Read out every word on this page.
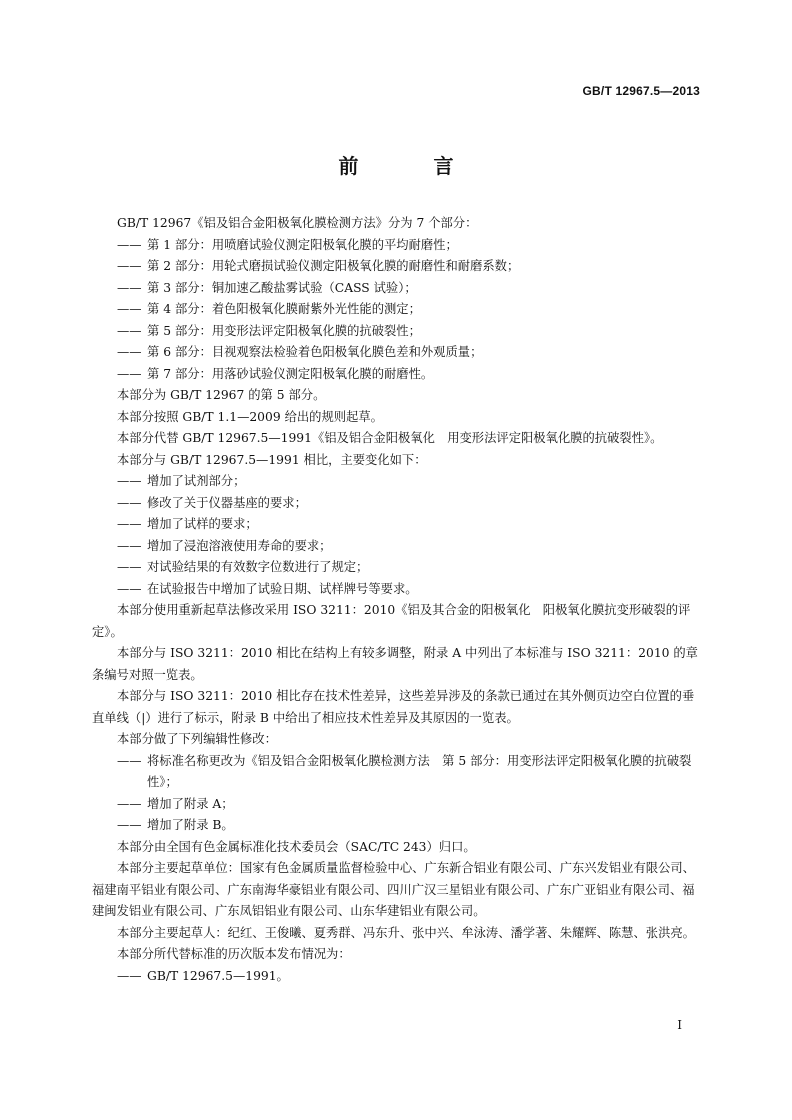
GB/T 12967.5—2013
前 言

GB/T 12967《铝及铝合金阳极氧化膜检测方法》分为 7 个部分：

—— 第 1 部分：用喷磨试验仪测定阳极氧化膜的平均耐磨性；

—— 第 2 部分：用轮式磨损试验仪测定阳极氧化膜的耐磨性和耐磨系数；

—— 第 3 部分：铜加速乙酸盐雾试验（CASS 试验）；

—— 第 4 部分：着色阳极氧化膜耐紫外光性能的测定；

—— 第 5 部分：用变形法评定阳极氧化膜的抗破裂性；

—— 第 6 部分：目视观察法检验着色阳极氧化膜色差和外观质量；

—— 第 7 部分：用落砂试验仪测定阳极氧化膜的耐磨性。

本部分为 GB/T 12967 的第 5 部分。

本部分按照 GB/T 1.1—2009 给出的规则起草。

本部分代替 GB/T 12967.5—1991《铝及铝合金阳极氧化　用变形法评定阳极氧化膜的抗破裂性》。

本部分与 GB/T 12967.5—1991 相比，主要变化如下：

—— 增加了试剂部分；

—— 修改了关于仪器基座的要求；

—— 增加了试样的要求；

—— 增加了浸泡溶液使用寿命的要求；

—— 对试验结果的有效数字位数进行了规定；

—— 在试验报告中增加了试验日期、试样牌号等要求。

本部分使用重新起草法修改采用 ISO 3211：2010《铝及其合金的阳极氧化　阳极氧化膜抗变形破裂的评定》。

本部分与 ISO 3211：2010 相比在结构上有较多调整，附录 A 中列出了本标准与 ISO 3211：2010 的章条编号对照一览表。

本部分与 ISO 3211：2010 相比存在技术性差异，这些差异涉及的条款已通过在其外侧页边空白位置的垂直单线（|）进行了标示，附录 B 中给出了相应技术性差异及其原因的一览表。

本部分做了下列编辑性修改：

—— 将标准名称更改为《铝及铝合金阳极氧化膜检测方法　第 5 部分：用变形法评定阳极氧化膜的抗破裂性》；

—— 增加了附录 A；

—— 增加了附录 B。

本部分由全国有色金属标准化技术委员会（SAC/TC 243）归口。

本部分主要起草单位：国家有色金属质量监督检验中心、广东新合铝业有限公司、广东兴发铝业有限公司、福建南平铝业有限公司、广东南海华豪铝业有限公司、四川广汉三星铝业有限公司、广东广亚铝业有限公司、福建闽发铝业有限公司、广东凤铝铝业有限公司、山东华建铝业有限公司。

本部分主要起草人：纪红、王俊曦、夏秀群、冯东升、张中兴、牟泳涛、潘学著、朱耀辉、陈慧、张洪亮。

本部分所代替标准的历次版本发布情况为：

—— GB/T 12967.5—1991。

I
